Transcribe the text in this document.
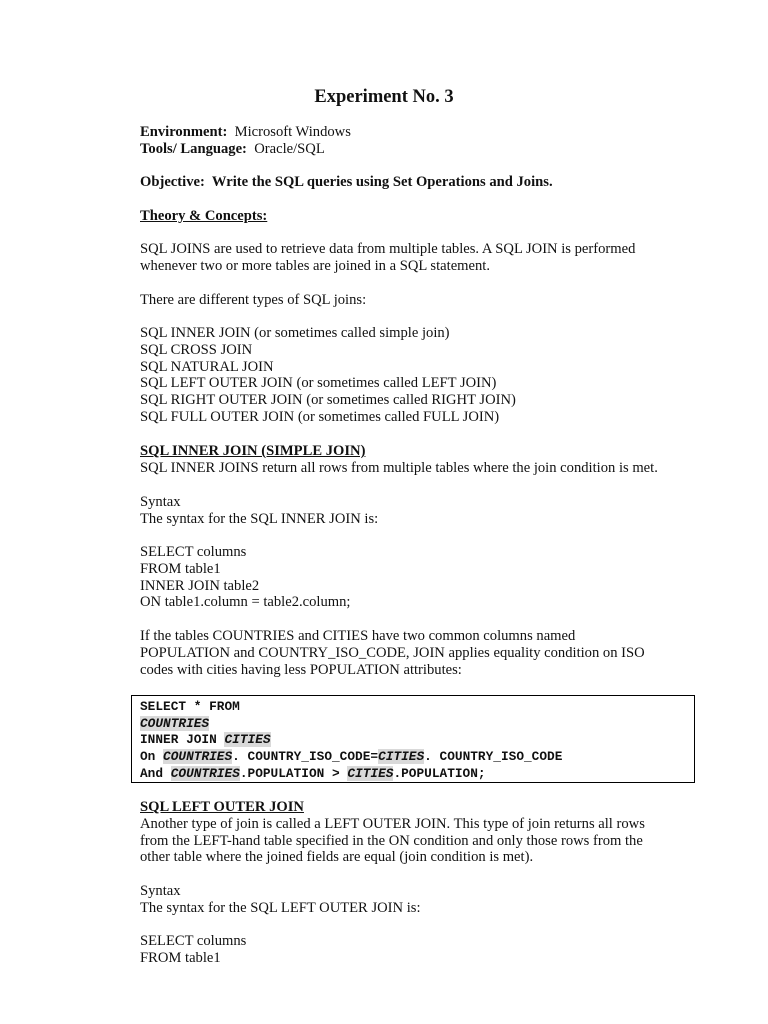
Experiment No. 3
Environment: Microsoft Windows
Tools/ Language: Oracle/SQL
Objective: Write the SQL queries using Set Operations and Joins.
Theory & Concepts:
SQL JOINS are used to retrieve data from multiple tables. A SQL JOIN is performed
whenever two or more tables are joined in a SQL statement.
There are different types of SQL joins:
SQL INNER JOIN (or sometimes called simple join)
SQL CROSS JOIN
SQL NATURAL JOIN
SQL LEFT OUTER JOIN (or sometimes called LEFT JOIN)
SQL RIGHT OUTER JOIN (or sometimes called RIGHT JOIN)
SQL FULL OUTER JOIN (or sometimes called FULL JOIN)
SQL INNER JOIN (SIMPLE JOIN)
SQL INNER JOINS return all rows from multiple tables where the join condition is met.
Syntax
The syntax for the SQL INNER JOIN is:
SELECT columns
FROM table1
INNER JOIN table2
ON table1.column = table2.column;
If the tables COUNTRIES and CITIES have two common columns named
POPULATION and COUNTRY_ISO_CODE, JOIN applies equality condition on ISO
codes with cities having less POPULATION attributes:
SELECT * FROM
COUNTRIES
INNER JOIN CITIES
On COUNTRIES. COUNTRY_ISO_CODE=CITIES. COUNTRY_ISO_CODE
And COUNTRIES.POPULATION > CITIES.POPULATION;
SQL LEFT OUTER JOIN
Another type of join is called a LEFT OUTER JOIN. This type of join returns all rows
from the LEFT-hand table specified in the ON condition and only those rows from the
other table where the joined fields are equal (join condition is met).
Syntax
The syntax for the SQL LEFT OUTER JOIN is:
SELECT columns
FROM table1
